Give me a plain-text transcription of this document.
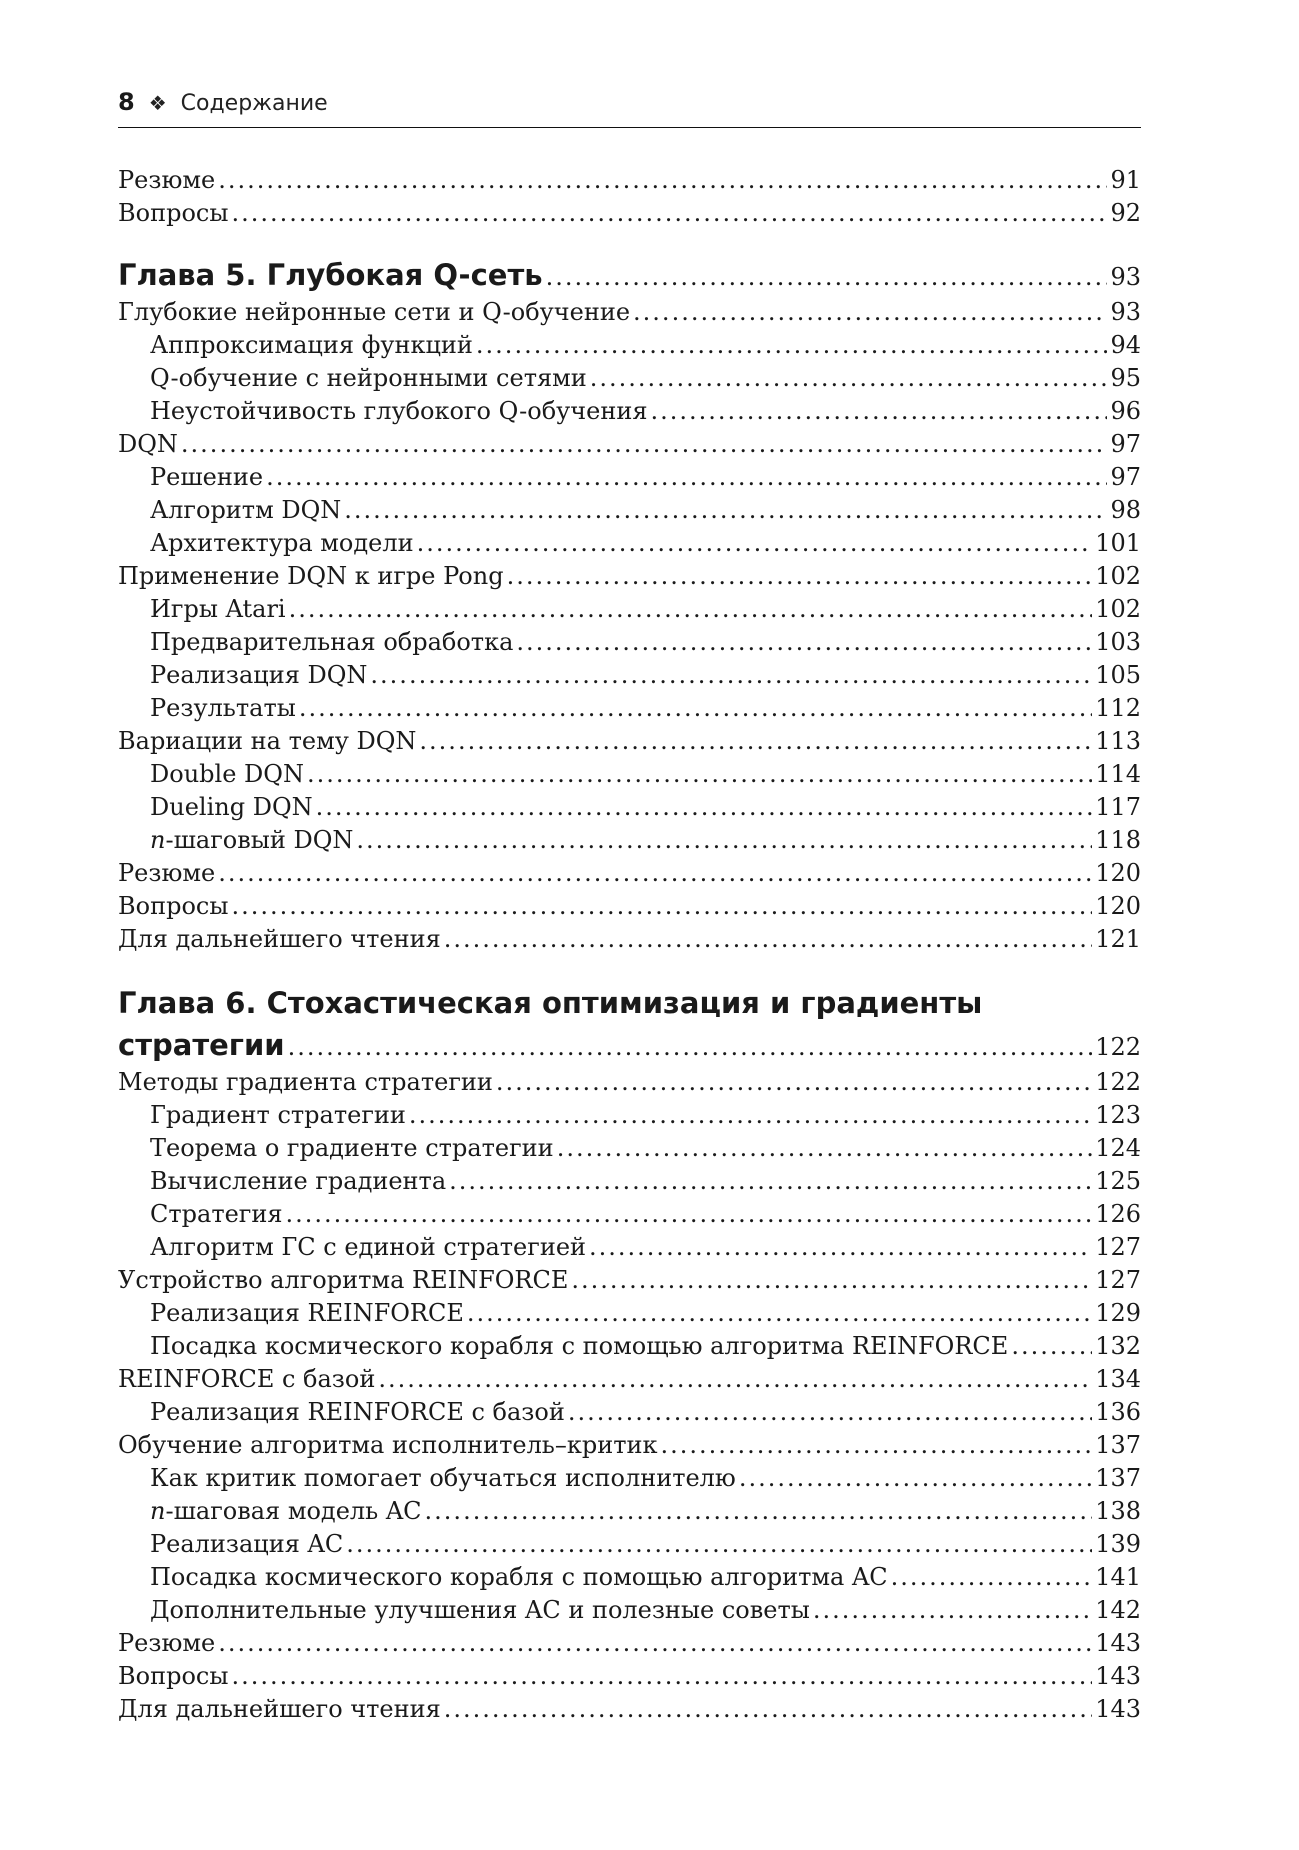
8 ❖ Содержание
Резюме .....	91
Вопросы .....	92
Глава 5. Глубокая Q-сеть .....	93
Глубокие нейронные сети и Q-обучение .....	93
Аппроксимация функций .....	94
Q-обучение с нейронными сетями .....	95
Неустойчивость глубокого Q-обучения .....	96
DQN .....	97
Решение .....	97
Алгоритм DQN .....	98
Архитектура модели .....	101
Применение DQN к игре Pong .....	102
Игры Atari .....	102
Предварительная обработка .....	103
Реализация DQN .....	105
Результаты .....	112
Вариации на тему DQN .....	113
Double DQN .....	114
Dueling DQN .....	117
n-шаговый DQN .....	118
Резюме .....	120
Вопросы .....	120
Для дальнейшего чтения .....	121
Глава 6. Стохастическая оптимизация и градиенты
стратегии .....	122
Методы градиента стратегии .....	122
Градиент стратегии .....	123
Теорема о градиенте стратегии .....	124
Вычисление градиента .....	125
Стратегия .....	126
Алгоритм ГС с единой стратегией .....	127
Устройство алгоритма REINFORCE .....	127
Реализация REINFORCE .....	129
Посадка космического корабля с помощью алгоритма REINFORCE .....	132
REINFORCE с базой .....	134
Реализация REINFORCE с базой .....	136
Обучение алгоритма исполнитель–критик .....	137
Как критик помогает обучаться исполнителю .....	137
n-шаговая модель AC .....	138
Реализация AC .....	139
Посадка космического корабля с помощью алгоритма AC .....	141
Дополнительные улучшения AC и полезные советы .....	142
Резюме .....	143
Вопросы .....	143
Для дальнейшего чтения .....	143
